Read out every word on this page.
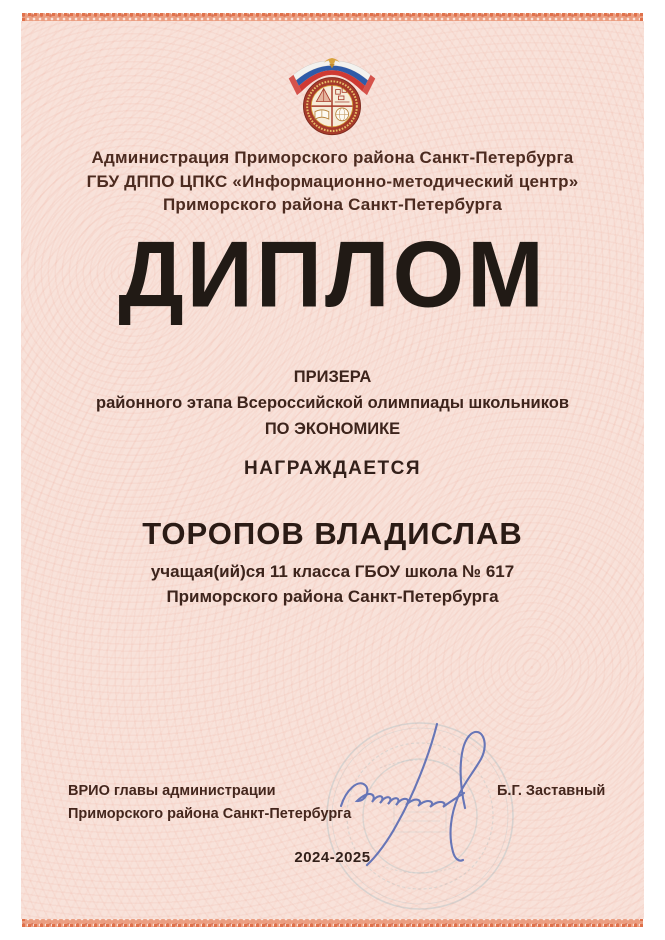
Администрация Приморского района Санкт-Петербурга
ГБУ ДППО ЦПКС «Информационно-методический центр»
Приморского района Санкт-Петербурга
ДИПЛОМ
ПРИЗЕРА
районного этапа Всероссийской олимпиады школьников
ПО ЭКОНОМИКЕ
НАГРАЖДАЕТСЯ
ТОРОПОВ ВЛАДИСЛАВ
учащая(ий)ся 11 класса ГБОУ школа № 617
Приморского района Санкт-Петербурга
ВРИО главы администрации
Приморского района Санкт-Петербурга
Б.Г. Заставный
2024-2025
